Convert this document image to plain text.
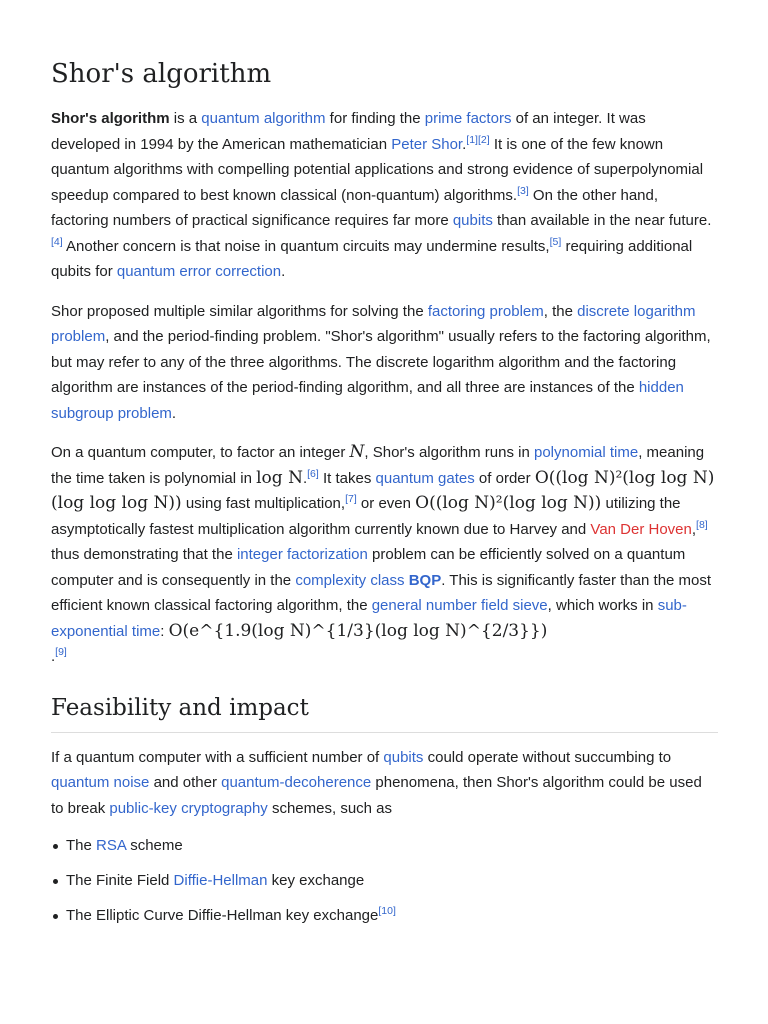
Shor's algorithm

Shor's algorithm is a quantum algorithm for finding the prime factors of an integer. It was developed in 1994 by the American mathematician Peter Shor.[1][2] It is one of the few known quantum algorithms with compelling potential applications and strong evidence of superpolynomial speedup compared to best known classical (non-quantum) algorithms.[3] On the other hand, factoring numbers of practical significance requires far more qubits than available in the near future.[4] Another concern is that noise in quantum circuits may undermine results,[5] requiring additional qubits for quantum error correction.

Shor proposed multiple similar algorithms for solving the factoring problem, the discrete logarithm problem, and the period-finding problem. "Shor's algorithm" usually refers to the factoring algorithm, but may refer to any of the three algorithms. The discrete logarithm algorithm and the factoring algorithm are instances of the period-finding algorithm, and all three are instances of the hidden subgroup problem.

On a quantum computer, to factor an integer N, Shor's algorithm runs in polynomial time, meaning the time taken is polynomial in log N.[6] It takes quantum gates of order O((log N)²(log log N)(log log log N)) using fast multiplication,[7] or even O((log N)²(log log N)) utilizing the asymptotically fastest multiplication algorithm currently known due to Harvey and Van Der Hoven,[8] thus demonstrating that the integer factorization problem can be efficiently solved on a quantum computer and is consequently in the complexity class BQP. This is significantly faster than the most efficient known classical factoring algorithm, the general number field sieve, which works in sub-exponential time: O(e^{1.9(log N)^{1/3}(log log N)^{2/3}})
.[9]

Feasibility and impact

If a quantum computer with a sufficient number of qubits could operate without succumbing to quantum noise and other quantum-decoherence phenomena, then Shor's algorithm could be used to break public-key cryptography schemes, such as

The RSA scheme
The Finite Field Diffie-Hellman key exchange
The Elliptic Curve Diffie-Hellman key exchange[10]
